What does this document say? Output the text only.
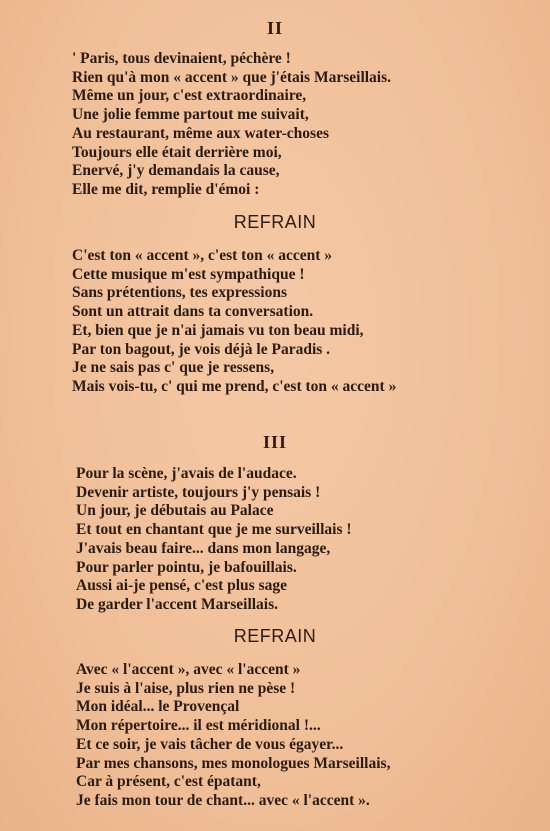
II
' Paris, tous devinaient, péchère !
Rien qu'à mon « accent » que j'étais Marseillais.
Même un jour, c'est extraordinaire,
Une jolie femme partout me suivait,
Au restaurant, même aux water-choses
Toujours elle était derrière moi,
Enervé, j'y demandais la cause,
Elle me dit, remplie d'émoi :
REFRAIN
C'est ton « accent », c'est ton « accent »
Cette musique m'est sympathique !
Sans prétentions, tes expressions
Sont un attrait dans ta conversation.
Et, bien que je n'ai jamais vu ton beau midi,
Par ton bagout, je vois déjà le Paradis .
Je ne sais pas c' que je ressens,
Mais vois-tu, c' qui me prend, c'est ton « accent »
III
Pour la scène, j'avais de l'audace.
Devenir artiste, toujours j'y pensais !
Un jour, je débutais au Palace
Et tout en chantant que je me surveillais !
J'avais beau faire... dans mon langage,
Pour parler pointu, je bafouillais.
Aussi ai-je pensé, c'est plus sage
De garder l'accent Marseillais.
REFRAIN
Avec « l'accent », avec « l'accent »
Je suis à l'aise, plus rien ne pèse !
Mon idéal... le Provençal
Mon répertoire... il est méridional !...
Et ce soir, je vais tâcher de vous égayer...
Par mes chansons, mes monologues Marseillais,
Car à présent, c'est épatant,
Je fais mon tour de chant... avec « l'accent ».
